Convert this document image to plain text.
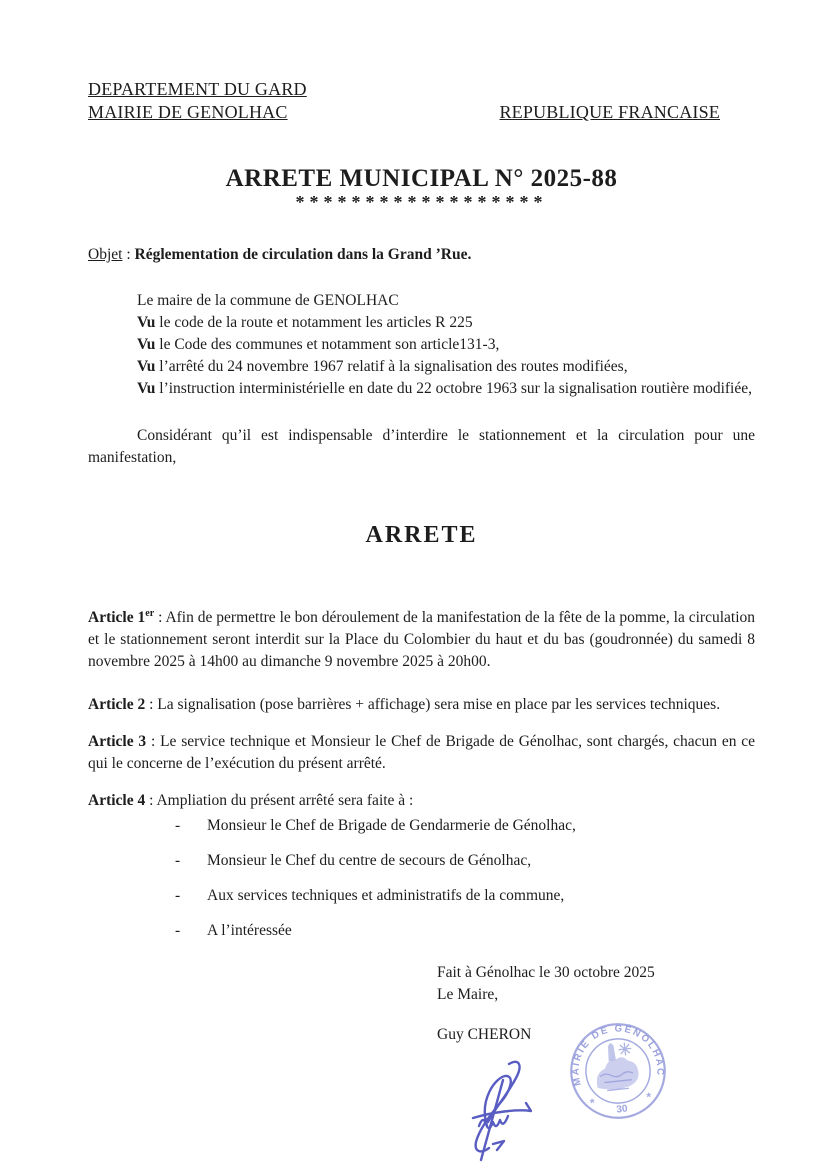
DEPARTEMENT DU GARD
MAIRIE DE GENOLHAC	REPUBLIQUE FRANCAISE
ARRETE MUNICIPAL N° 2025-88
******************

Objet : Réglementation de circulation dans la Grand ’Rue.

Le maire de la commune de GENOLHAC

Vu le code de la route et notamment les articles R 225

Vu le Code des communes et notamment son article131-3,

Vu l’arrêté du 24 novembre 1967 relatif à la signalisation des routes modifiées,

Vu l’instruction interministérielle en date du 22 octobre 1963 sur la signalisation routière modifiée,

Considérant qu’il est indispensable d’interdire le stationnement et la circulation pour une manifestation,

ARRETE

Article 1er : Afin de permettre le bon déroulement de la manifestation de la fête de la pomme, la circulation et le stationnement seront interdit sur la Place du Colombier du haut et du bas (goudronnée) du samedi 8 novembre 2025 à 14h00 au dimanche 9 novembre 2025 à 20h00.

Article 2 : La signalisation (pose barrières + affichage) sera mise en place par les services techniques.

Article 3 : Le service technique et Monsieur le Chef de Brigade de Génolhac, sont chargés, chacun en ce qui le concerne de l’exécution du présent arrêté.

Article 4 : Ampliation du présent arrêté sera faite à :

-	Monsieur le Chef de Brigade de Gendarmerie de Génolhac,
-	Monsieur le Chef du centre de secours de Génolhac,
-	Aux services techniques et administratifs de la commune,
-	A l’intéressée
Fait à Génolhac le 30 octobre 2025
Le Maire,
Guy CHERON
MAIRIE DE GÉNOLHAC
30
*	*
